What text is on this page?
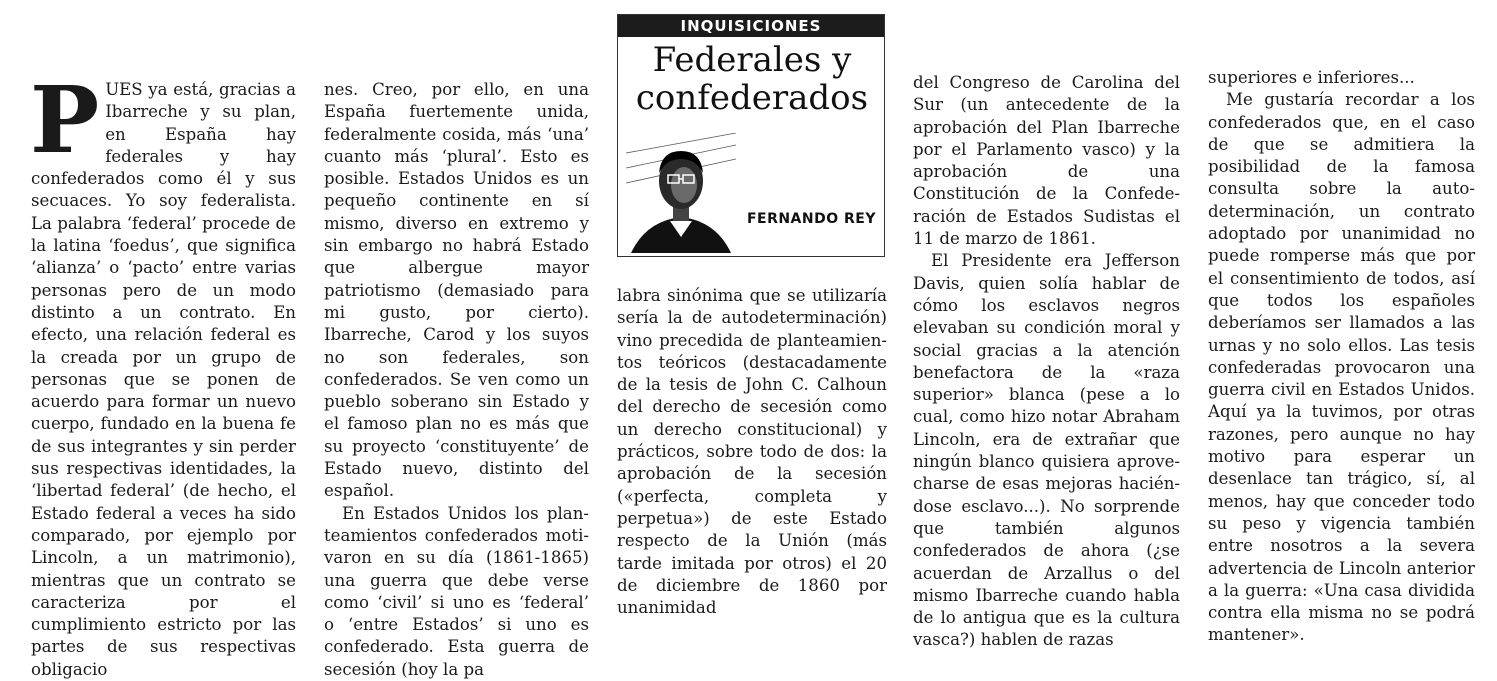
INQUISICIONES
Federales y confederados
FERNANDO REY
P UES ya está, gracias a Ibarreche y su plan, en España hay federales y hay confederados como él y sus secuaces. Yo soy federalista. La palabra ‘federal’ procede de la latina ‘foedus’, que significa ‘alianza’ o ‘pacto’ entre varias personas pero de un modo distinto a un contrato. En efecto, una relación federal es la creada por un grupo de personas que se ponen de acuerdo para formar un nuevo cuerpo, fundado en la buena fe de sus integrantes y sin perder sus respectivas identidades, la ‘libertad federal’ (de hecho, el Estado federal a veces ha sido comparado, por ejemplo por Lincoln, a un matrimonio), mientras que un contrato se caracteriza por el cumplimiento estricto por las partes de sus respectivas obligacio

nes. Creo, por ello, en una España fuertemente unida, federalmente cosida, más ‘una’ cuanto más ‘plural’. Esto es posible. Estados Unidos es un pequeño continente en sí mismo, diverso en extremo y sin embargo no habrá Estado que albergue mayor patriotismo (demasiado para mi gusto, por cierto). Ibarreche, Carod y los suyos no son federales, son confederados. Se ven como un pueblo soberano sin Estado y el famoso plan no es más que su proyecto ‘constituyente’ de Estado nuevo, distinto del español.

En Estados Unidos los planteamientos confederados motivaron en su día (1861-1865) una guerra que debe verse como ‘civil’ si uno es ‘federal’ o ‘entre Estados’ si uno es confederado. Esta guerra de secesión (hoy la pa

labra sinónima que se utilizaría sería la de autodeterminación) vino precedida de planteamientos teóricos (destacadamente de la tesis de John C. Calhoun del derecho de secesión como un derecho constitucional) y prácticos, sobre todo de dos: la aprobación de la secesión («perfecta, completa y perpetua») de este Estado respecto de la Unión (más tarde imitada por otros) el 20 de diciembre de 1860 por unanimidad

del Congreso de Carolina del Sur (un antecedente de la aprobación del Plan Ibarreche por el Parlamento vasco) y la aprobación de una Constitución de la Confederación de Estados Sudistas el 11 de marzo de 1861.

El Presidente era Jefferson Davis, quien solía hablar de cómo los esclavos negros elevaban su condición moral y social gracias a la atención benefactora de la «raza superior» blanca (pese a lo cual, como hizo notar Abraham Lincoln, era de extrañar que ningún blanco quisiera aprovecharse de esas mejoras haciéndose esclavo...). No sorprende que también algunos confederados de ahora (¿se acuerdan de Arzallus o del mismo Ibarreche cuando habla de lo antigua que es la cultura vasca?) hablen de razas

superiores e inferiores...

Me gustaría recordar a los confederados que, en el caso de que se admitiera la posibilidad de la famosa consulta sobre la autodeterminación, un contrato adoptado por unanimidad no puede romperse más que por el consentimiento de todos, así que todos los españoles deberíamos ser llamados a las urnas y no solo ellos. Las tesis confederadas provocaron una guerra civil en Estados Unidos. Aquí ya la tuvimos, por otras razones, pero aunque no hay motivo para esperar un desenlace tan trágico, sí, al menos, hay que conceder todo su peso y vigencia también entre nosotros a la severa advertencia de Lincoln anterior a la guerra: «Una casa dividida contra ella misma no se podrá mantener».
